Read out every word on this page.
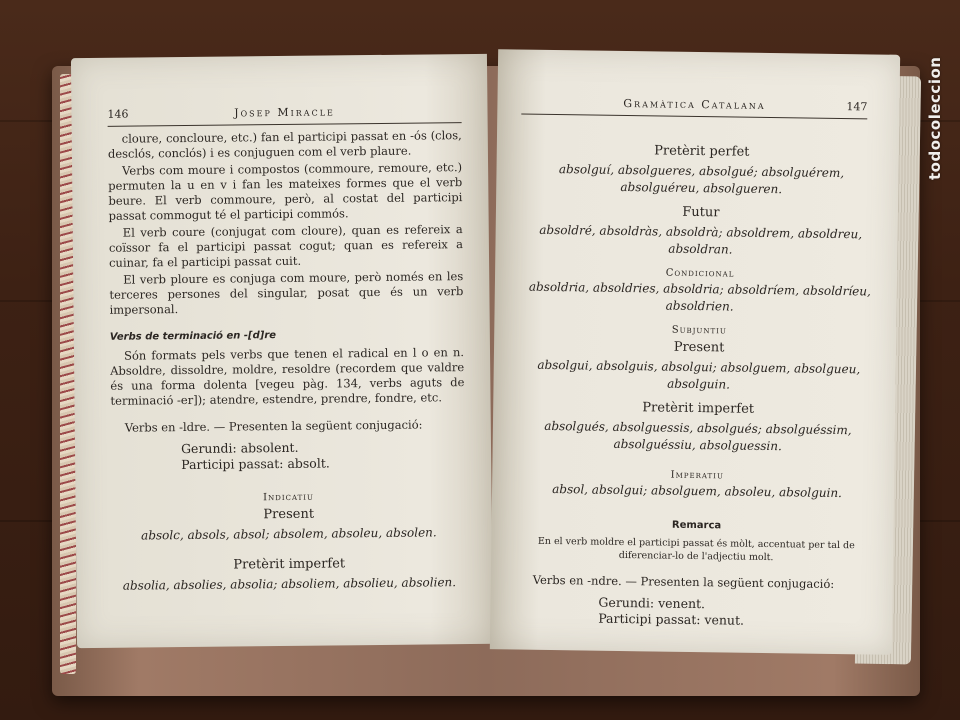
146	Josep Miracle

cloure, concloure, etc.) fan el participi passat en -ós (clos, desclós, conclós) i es conjuguen com el verb plaure.

Verbs com moure i compostos (commoure, remoure, etc.) permuten la u en v i fan les mateixes formes que el verb beure. El verb commoure, però, al costat del participi passat commogut té el participi commós.

El verb coure (conjugat com cloure), quan es refereix a coïssor fa el participi passat cogut; quan es refereix a cuinar, fa el participi passat cuit.

El verb ploure es conjuga com moure, però només en les terceres persones del singular, posat que és un verb impersonal.

Verbs de terminació en -[d]re

Són formats pels verbs que tenen el radical en l o en n. Absoldre, dissoldre, moldre, resoldre (recordem que valdre és una forma dolenta [vegeu pàg. 134, verbs aguts de terminació -er]); atendre, estendre, prendre, fondre, etc.

Verbs en -ldre. — Presenten la següent conjugació:

Gerundi: absolent.
Participi passat: absolt.
Indicatiu
Present
absolc, absols, absol; absolem, absoleu, absolen.
Pretèrit imperfet
absolia, absolies, absolia; absoliem, absolieu, absolien.
Gramàtica Catalana	147
Pretèrit perfet
absolguí, absolgueres, absolgué; absolguérem, absolguéreu, absolgueren.
Futur
absoldré, absoldràs, absoldrà; absoldrem, absoldreu, absoldran.
Condicional
absoldria, absoldries, absoldria; absoldríem, absoldríeu, absoldrien.
Subjuntiu
Present
absolgui, absolguis, absolgui; absolguem, absolgueu, absolguin.
Pretèrit imperfet
absolgués, absolguessis, absolgués; absolguéssim, absolguéssiu, absolguessin.
Imperatiu
absol, absolgui; absolguem, absoleu, absolguin.
Remarca
En el verb moldre el participi passat és mòlt, accentuat per tal de diferenciar-lo de l'adjectiu molt.

Verbs en -ndre. — Presenten la següent conjugació:

Gerundi: venent.
Participi passat: venut.
todocoleccion
